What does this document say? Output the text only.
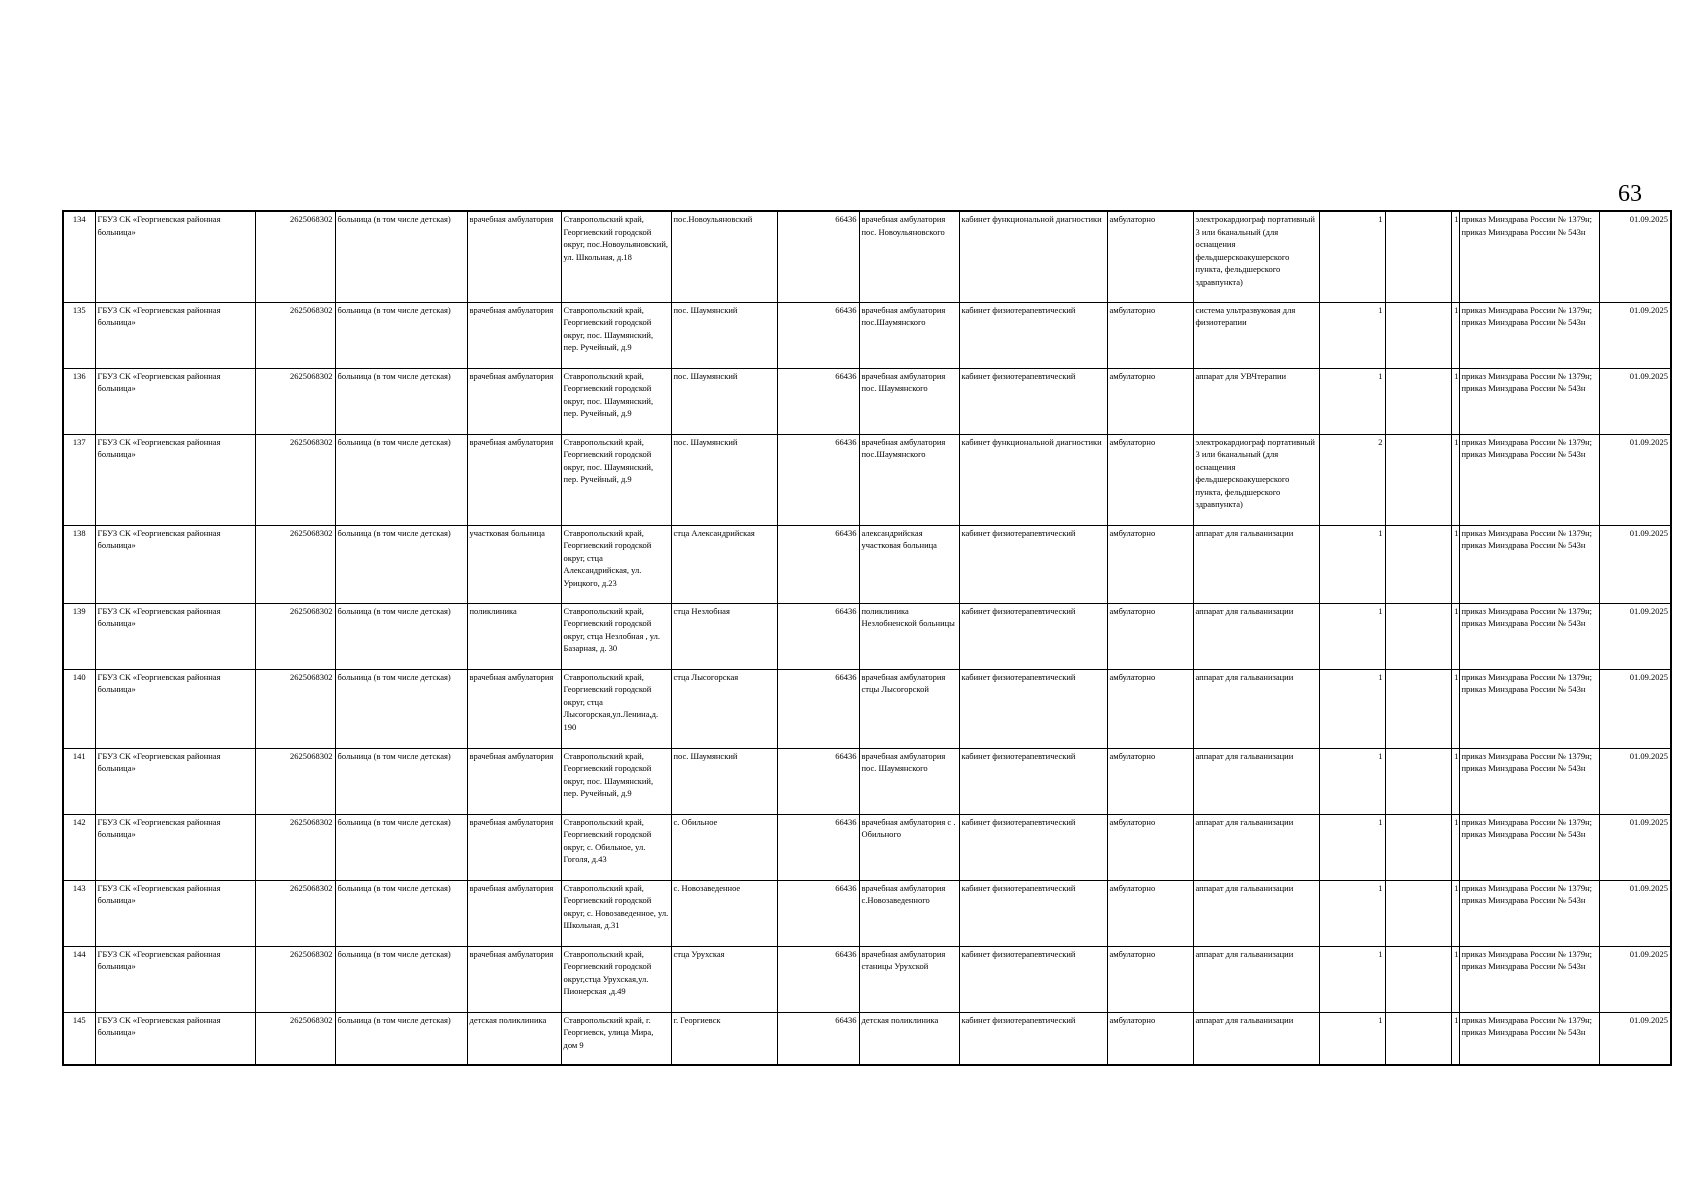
63
134	ГБУЗ СК «Георгиевская районная больница»	2625068302	больница (в том числе детская)	врачебная амбулатория	Ставропольский край, Георгиевский городской округ, пос.Новоульяновский, ул. Школьная, д.18	пос.Новоульяновский	66436	врачебная амбулатория пос. Новоульяновского	кабинет функциональной диагностики	амбулаторно	электрокардиограф портативный 3 или 6канальный (для оснащения фельдшерскоакушерского пункта, фельдшерского здравпункта)	1		1	приказ Минздрава России № 1379н;
приказ Минздрава России № 543н	01.09.2025
135	ГБУЗ СК «Георгиевская районная больница»	2625068302	больница (в том числе детская)	врачебная амбулатория	Ставропольский край, Георгиевский городской округ, пос. Шаумянский, пер. Ручейный, д.9	пос. Шаумянский	66436	врачебная амбулатория пос.Шаумянского	кабинет физиотерапевтический	амбулаторно	система ультразвуковая для физиотерапии	1		1	приказ Минздрава России № 1379н;
приказ Минздрава России № 543н	01.09.2025
136	ГБУЗ СК «Георгиевская районная больница»	2625068302	больница (в том числе детская)	врачебная амбулатория	Ставропольский край, Георгиевский городской округ, пос. Шаумянский, пер. Ручейный, д.9	пос. Шаумянский	66436	врачебная амбулатория пос. Шаумянского	кабинет физиотерапевтический	амбулаторно	аппарат для УВЧтерапии	1		1	приказ Минздрава России № 1379н;
приказ Минздрава России № 543н	01.09.2025
137	ГБУЗ СК «Георгиевская районная больница»	2625068302	больница (в том числе детская)	врачебная амбулатория	Ставропольский край, Георгиевский городской округ, пос. Шаумянский, пер. Ручейный, д.9	пос. Шаумянский	66436	врачебная амбулатория пос.Шаумянского	кабинет функциональной диагностики	амбулаторно	электрокардиограф портативный 3 или 6канальный (для оснащения фельдшерскоакушерского пункта, фельдшерского здравпункта)	2		1	приказ Минздрава России № 1379н;
приказ Минздрава России № 543н	01.09.2025
138	ГБУЗ СК «Георгиевская районная больница»	2625068302	больница (в том числе детская)	участковая больница	Ставропольский край, Георгиевский городской округ, стца Александрийская, ул. Урицкого, д.23	стца Александрийская	66436	александрийская участковая больница	кабинет физиотерапевтический	амбулаторно	аппарат для гальванизации	1		1	приказ Минздрава России № 1379н;
приказ Минздрава России № 543н	01.09.2025
139	ГБУЗ СК «Георгиевская районная больница»	2625068302	больница (в том числе детская)	поликлиника	Ставропольский край, Георгиевский городской округ, стца Незлобная , ул. Базарная, д. 30	стца Незлобная	66436	поликлиника Незлобненской больницы	кабинет физиотерапевтический	амбулаторно	аппарат для гальванизации	1		1	приказ Минздрава России № 1379н;
приказ Минздрава России № 543н	01.09.2025
140	ГБУЗ СК «Георгиевская районная больница»	2625068302	больница (в том числе детская)	врачебная амбулатория	Ставропольский край, Георгиевский городской округ, стца Лысогорская,ул.Ленина,д. 190	стца Лысогорская	66436	врачебная амбулатория стцы Лысогорской	кабинет физиотерапевтический	амбулаторно	аппарат для гальванизации	1		1	приказ Минздрава России № 1379н;
приказ Минздрава России № 543н	01.09.2025
141	ГБУЗ СК «Георгиевская районная больница»	2625068302	больница (в том числе детская)	врачебная амбулатория	Ставропольский край, Георгиевский городской округ, пос. Шаумянский, пер. Ручейный, д.9	пос. Шаумянский	66436	врачебная амбулатория пос. Шаумянского	кабинет физиотерапевтический	амбулаторно	аппарат для гальванизации	1		1	приказ Минздрава России № 1379н;
приказ Минздрава России № 543н	01.09.2025
142	ГБУЗ СК «Георгиевская районная больница»	2625068302	больница (в том числе детская)	врачебная амбулатория	Ставропольский край, Георгиевский городской округ, с. Обильное, ул. Гоголя, д.43	с. Обильное	66436	врачебная амбулатория с . Обильного	кабинет физиотерапевтический	амбулаторно	аппарат для гальванизации	1		1	приказ Минздрава России № 1379н;
приказ Минздрава России № 543н	01.09.2025
143	ГБУЗ СК «Георгиевская районная больница»	2625068302	больница (в том числе детская)	врачебная амбулатория	Ставропольский край, Георгиевский городской округ, с. Новозаведенное, ул. Школьная, д.31	с. Новозаведенное	66436	врачебная амбулатория с.Новозаведенного	кабинет физиотерапевтический	амбулаторно	аппарат для гальванизации	1		1	приказ Минздрава России № 1379н;
приказ Минздрава России № 543н	01.09.2025
144	ГБУЗ СК «Георгиевская районная больница»	2625068302	больница (в том числе детская)	врачебная амбулатория	Ставропольский край, Георгиевский городской округ,стца Урухская,ул. Пионерская ,д.49	стца Урухская	66436	врачебная амбулатория станицы Урухской	кабинет физиотерапевтический	амбулаторно	аппарат для гальванизации	1		1	приказ Минздрава России № 1379н;
приказ Минздрава России № 543н	01.09.2025
145	ГБУЗ СК «Георгиевская районная больница»	2625068302	больница (в том числе детская)	детская поликлиника	Ставропольский край, г. Георгиевск, улица Мира, дом 9	г. Георгиевск	66436	детская поликлиника	кабинет физиотерапевтический	амбулаторно	аппарат для гальванизации	1		1	приказ Минздрава России № 1379н;
приказ Минздрава России № 543н	01.09.2025
